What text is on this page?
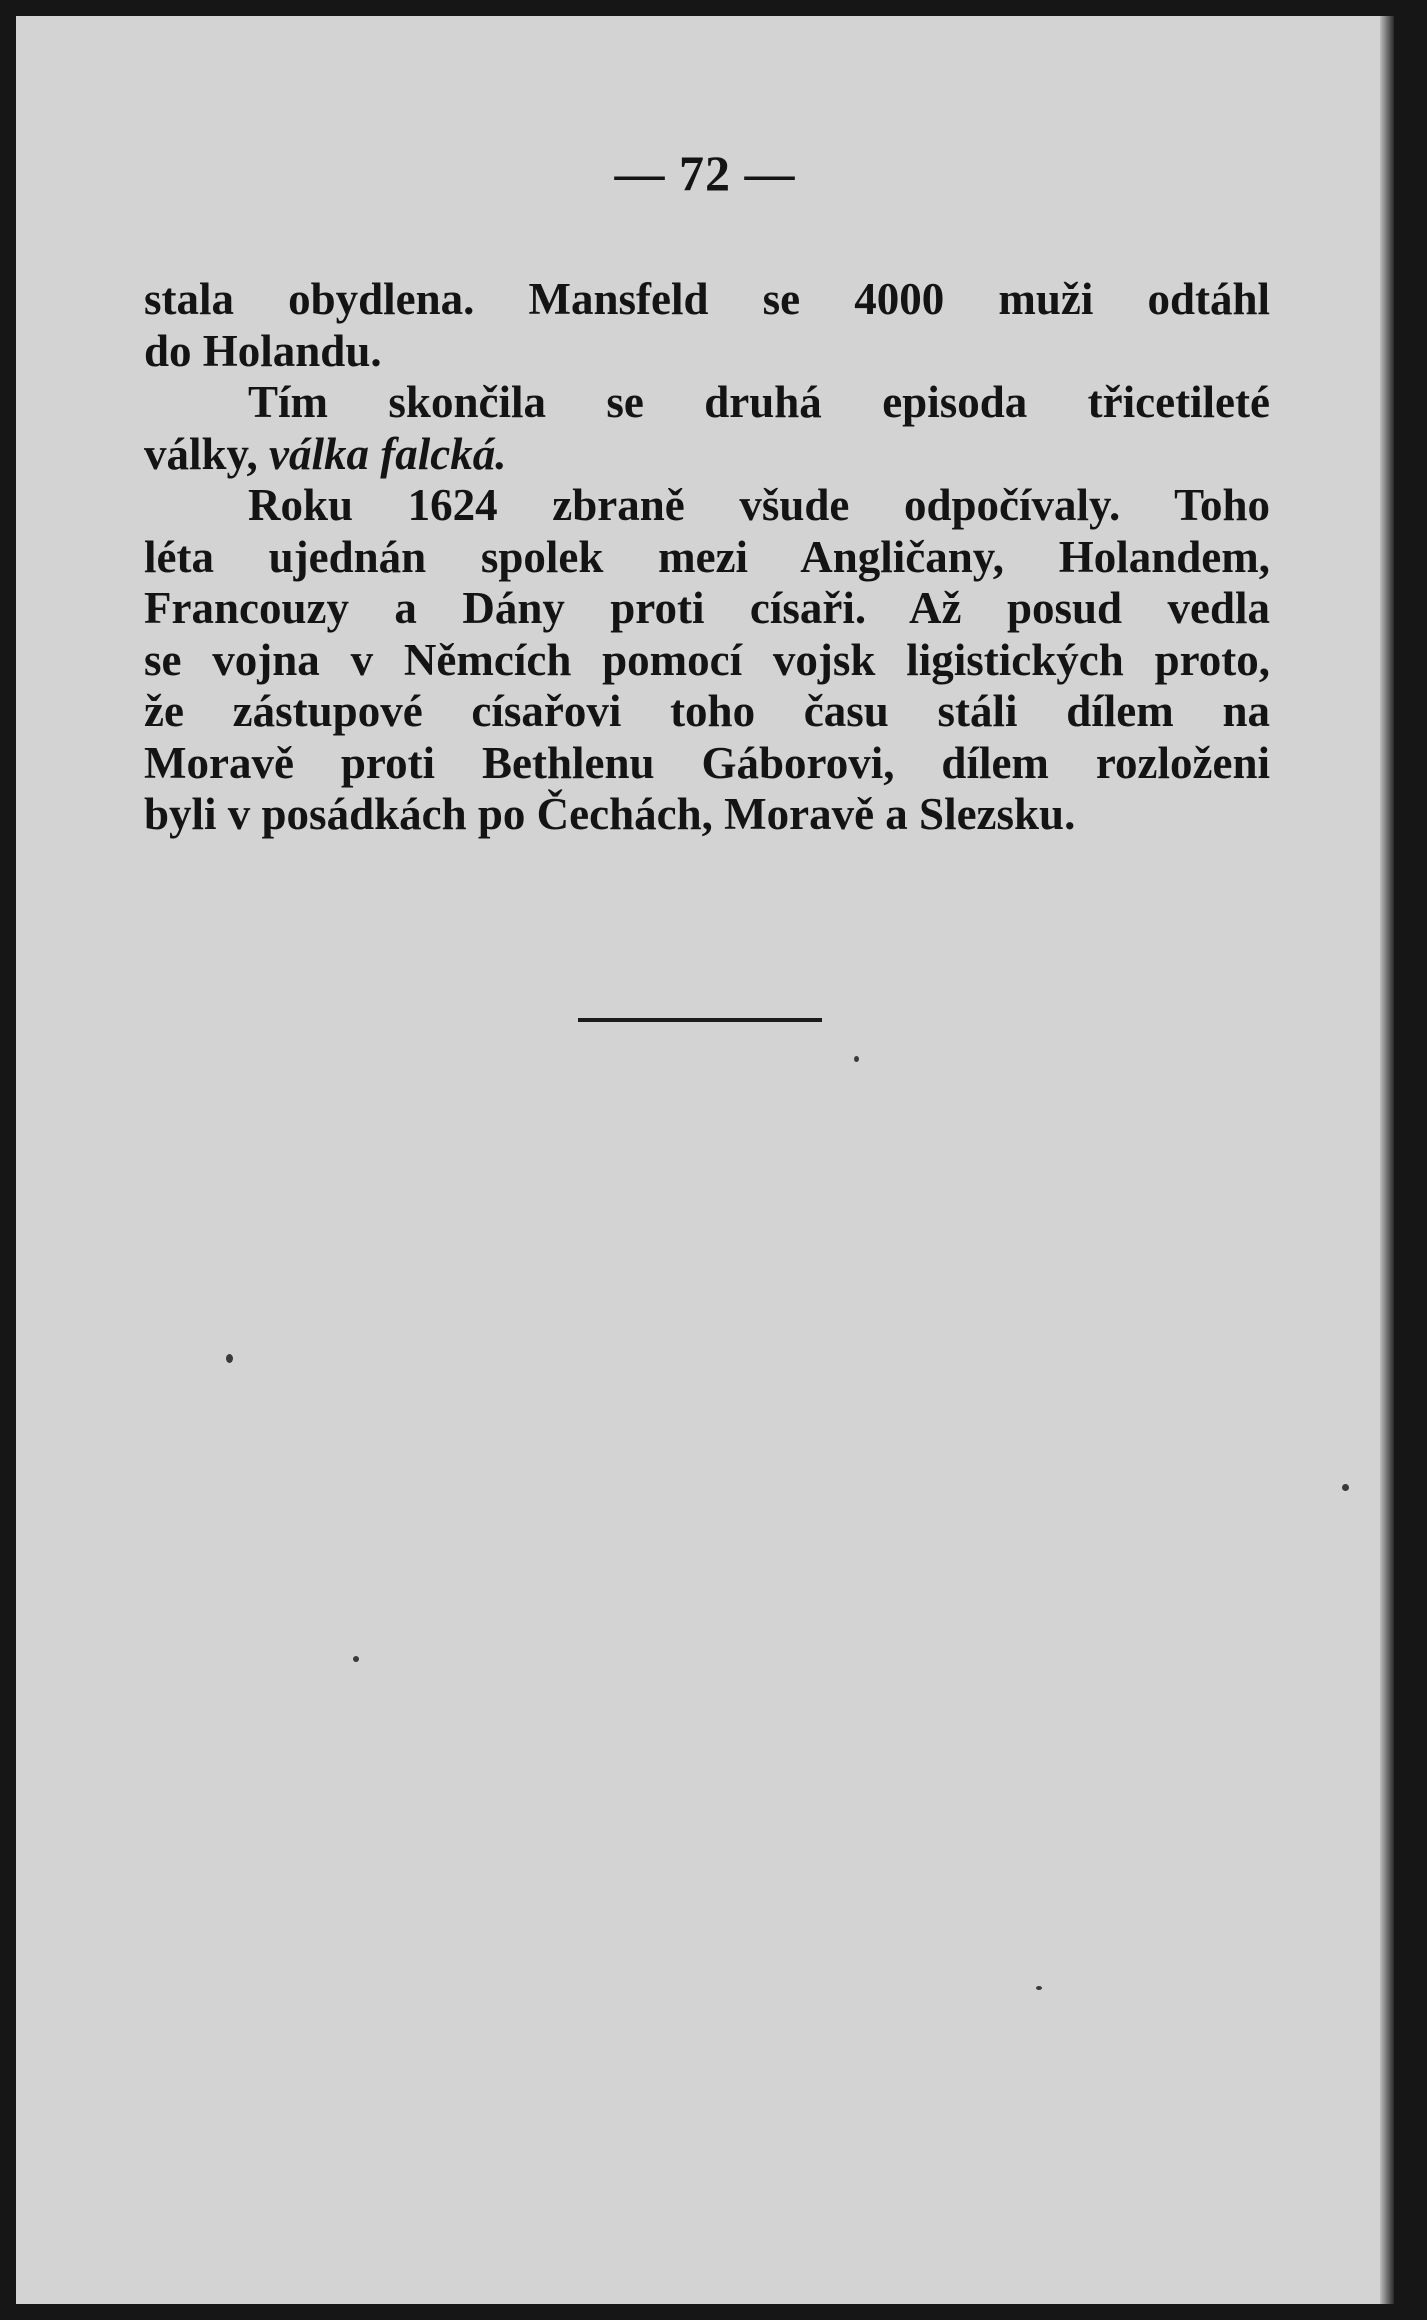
— 72 —
stala obydlena. Mansfeld se 4000 muži odtáhl
do Holandu.
Tím skončila se druhá episoda třicetileté
války, válka falcká.
Roku 1624 zbraně všude odpočívaly. Toho
léta ujednán spolek mezi Angličany, Holandem,
Francouzy a Dány proti císaři. Až posud vedla
se vojna v Němcích pomocí vojsk ligistických proto,
že zástupové císařovi toho času stáli dílem na
Moravě proti Bethlenu Gáborovi, dílem rozloženi
byli v posádkách po Čechách, Moravě a Slezsku.
